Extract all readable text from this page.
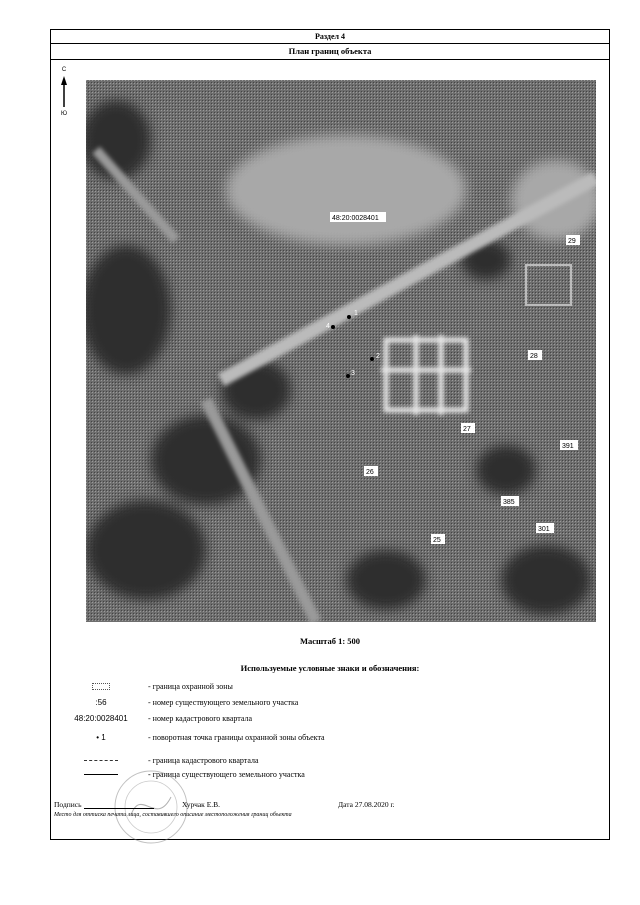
Раздел 4
План границ объекта
С
Ю
48:20:0028401
29
28
27
26
25
385
301
391
1
2
3
4
Масштаб 1: 500
Используемые условные знаки и обозначения:
- граница охранной зоны
:56	- номер существующего земельного участка
48:20:0028401	- номер кадастрового квартала
• 1	- поворотная точка границы охранной зоны объекта
- граница кадастрового квартала
- граница существующего земельного участка
Подпись	Хурчак Е.В.	Дата 27.08.2020 г.
Место для оттиска печати лица, составившего описание местоположения границ объекта
